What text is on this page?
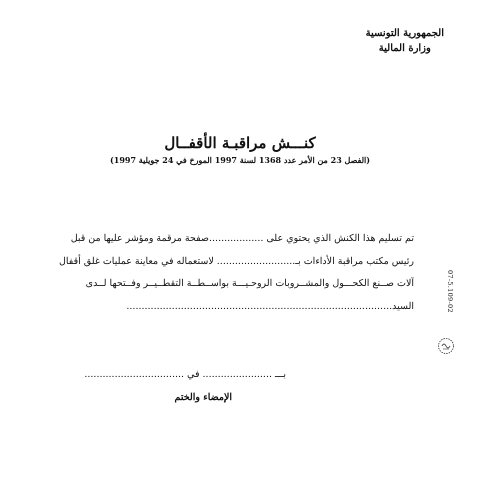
الجمهورية التونسية
وزارة المالية
كنـــش مراقبـة الأقفــال
(الفصل 23 من الأمر عدد 1368 لسنة 1997 المورخ في 24 جويلية 1997)
تم تسليم هذا الكنش الذي يحتوي على ..................صفحة مرقمة ومؤشر عليها من قبل
رئيس مكتب مراقبة الأداءات بـ.......................... لاستعماله في معاينة عمليات غلق أقفال
آلات صــنع الكحـــول والمشــروبات الروحـيـــة بواســطــة التقطــيــر وفــتحها لــدى
السيد........................................................................................	07-5.109-02
بـــ ....................... في .................................
الإمضاء والختم
